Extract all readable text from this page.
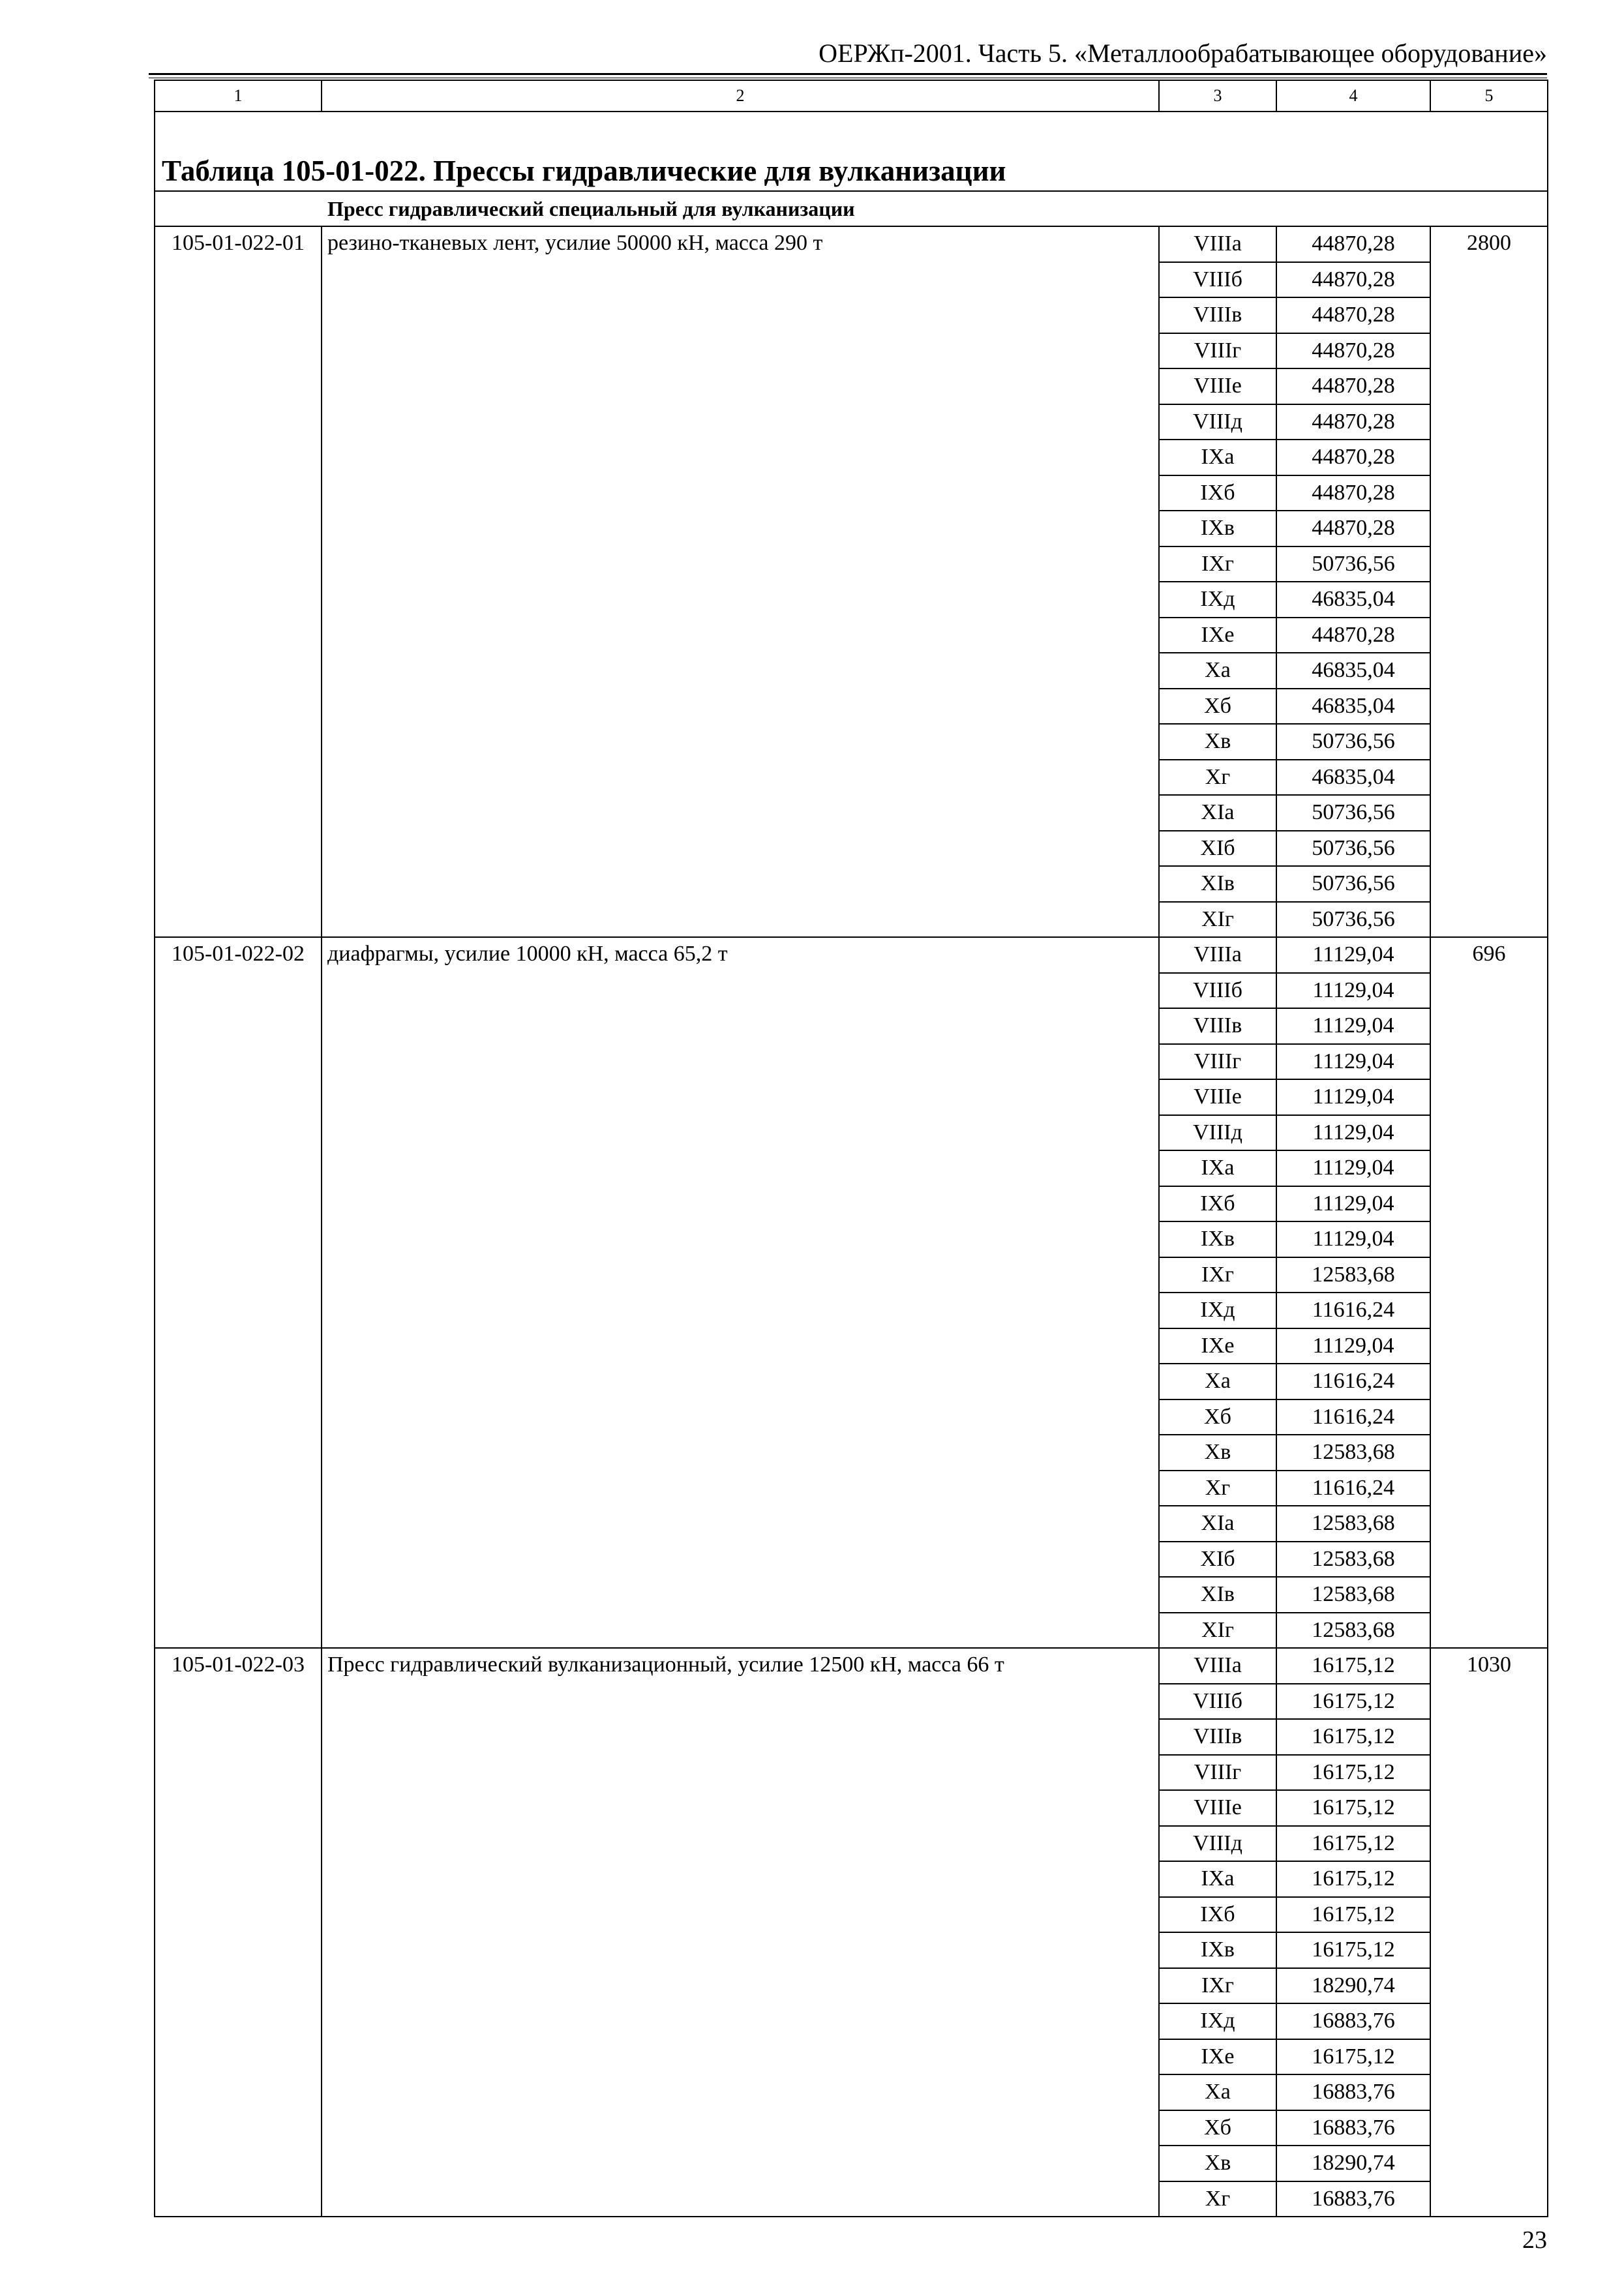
ОЕРЖп-2001. Часть 5. «Металлообрабатывающее оборудование»
1	2	3	4	5

Таблица 105-01-022. Прессы гидравлические для вулканизации				

Пресс гидравлический специальный для вулканизации				
105-01-022-01	резино-тканевых лент, усилие 50000 кН, масса 290 т	VIIIа	44870,28	2800
		VIIIб	44870,28	
		VIIIв	44870,28	
		VIIIг	44870,28	
		VIIIе	44870,28	
		VIIIд	44870,28	
		IXа	44870,28	
		IXб	44870,28	
		IXв	44870,28	
		IXг	50736,56	
		IXд	46835,04	
		IXе	44870,28	
		Xа	46835,04	
		Xб	46835,04	
		Xв	50736,56	
		Xг	46835,04	
		XIа	50736,56	
		XIб	50736,56	
		XIв	50736,56	
		XIг	50736,56	
105-01-022-02	диафрагмы, усилие 10000 кН, масса 65,2 т	VIIIа	11129,04	696
		VIIIб	11129,04	
		VIIIв	11129,04	
		VIIIг	11129,04	
		VIIIе	11129,04	
		VIIIд	11129,04	
		IXа	11129,04	
		IXб	11129,04	
		IXв	11129,04	
		IXг	12583,68	
		IXд	11616,24	
		IXе	11129,04	
		Xа	11616,24	
		Xб	11616,24	
		Xв	12583,68	
		Xг	11616,24	
		XIа	12583,68	
		XIб	12583,68	
		XIв	12583,68	
		XIг	12583,68	
105-01-022-03	Пресс гидравлический вулканизационный, усилие 12500 кН, масса 66 т	VIIIа	16175,12	1030
		VIIIб	16175,12	
		VIIIв	16175,12	
		VIIIг	16175,12	
		VIIIе	16175,12	
		VIIIд	16175,12	
		IXа	16175,12	
		IXб	16175,12	
		IXв	16175,12	
		IXг	18290,74	
		IXд	16883,76	
		IXе	16175,12	
		Xа	16883,76	
		Xб	16883,76	
		Xв	18290,74	
		Xг	16883,76	
23
